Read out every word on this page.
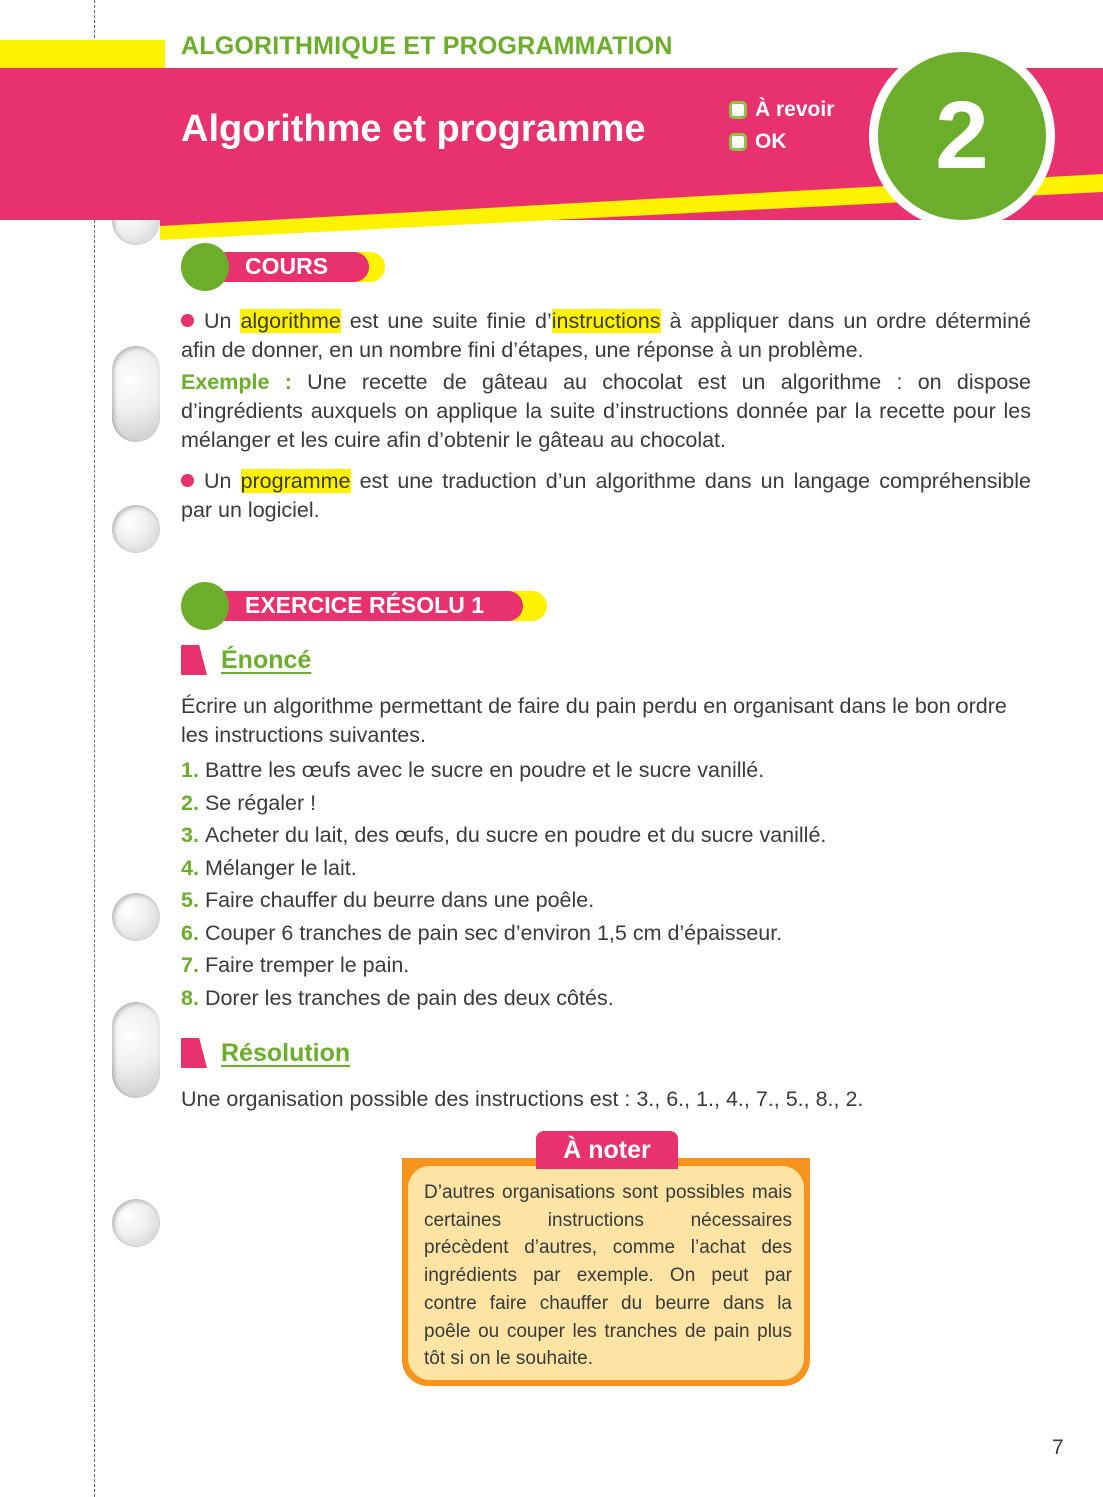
ALGORITHMIQUE ET PROGRAMMATION
Algorithme et programme	À revoir
OK	2
COURS
Un algorithme est une suite finie d’instructions à appliquer dans un ordre déterminé afin de donner, en un nombre fini d’étapes, une réponse à un problème.
Exemple : Une recette de gâteau au chocolat est un algorithme : on dispose d’ingrédients auxquels on applique la suite d’instructions donnée par la recette pour les mélanger et les cuire afin d’obtenir le gâteau au chocolat.
Un programme est une traduction d’un algorithme dans un langage compréhensible par un logiciel.
EXERCICE RÉSOLU 1
Énoncé
Écrire un algorithme permettant de faire du pain perdu en organisant dans le bon ordre les instructions suivantes.
1. Battre les œufs avec le sucre en poudre et le sucre vanillé.
2. Se régaler !
3. Acheter du lait, des œufs, du sucre en poudre et du sucre vanillé.
4. Mélanger le lait.
5. Faire chauffer du beurre dans une poêle.
6. Couper 6 tranches de pain sec d’environ 1,5 cm d’épaisseur.
7. Faire tremper le pain.
8. Dorer les tranches de pain des deux côtés.
Résolution
Une organisation possible des instructions est : 3., 6., 1., 4., 7., 5., 8., 2.
D’autres organisations sont possibles mais certaines instructions nécessaires précèdent d’autres, comme l’achat des ingrédients par exemple. On peut par contre faire chauffer du beurre dans la poêle ou couper les tranches de pain plus tôt si on le souhaite.
À noter
7
